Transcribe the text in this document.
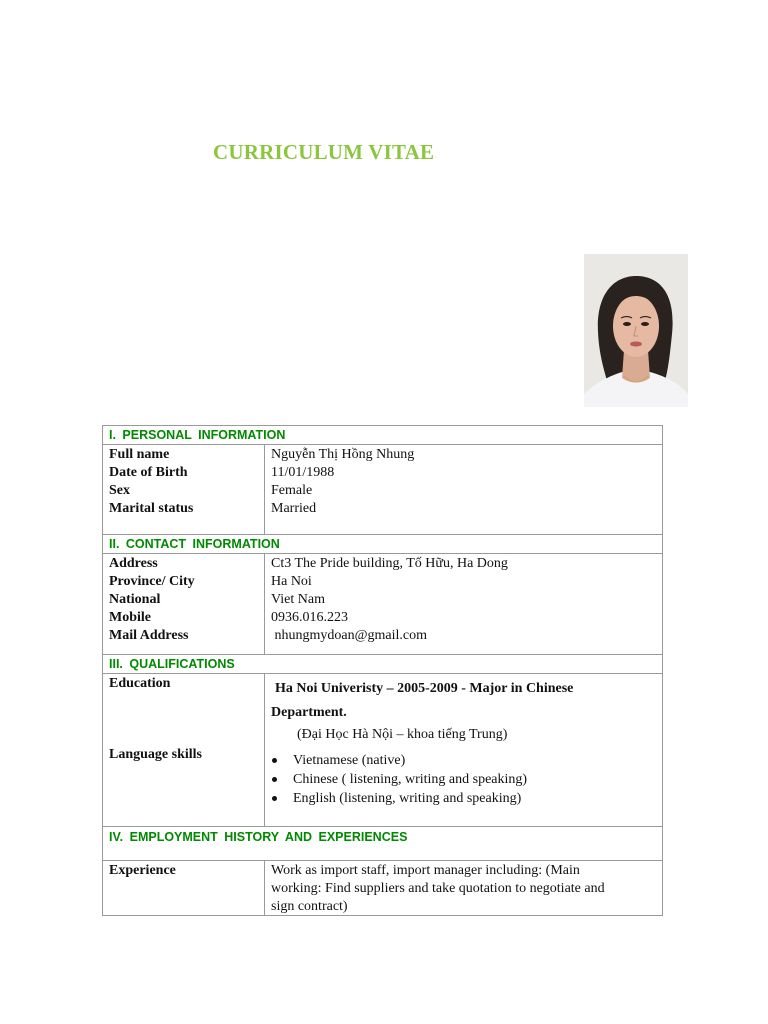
CURRICULUM VITAE
I. PERSONAL INFORMATION
Full name
Date of Birth
Sex
Marital status
Nguyễn Thị Hồng Nhung
11/01/1988
Female
Married
II. CONTACT INFORMATION
Address
Province/ City
National
Mobile
Mail Address
Ct3 The Pride building, Tố Hữu, Ha Dong
Ha Noi
Viet Nam
0936.016.223
nhungmydoan@gmail.com
III. QUALIFICATIONS
Education
Language skills
Ha Noi Univeristy – 2005-2009 - Major in Chinese
Department.
(Đại Học Hà Nội – khoa tiếng Trung)
Vietnamese (native)
Chinese ( listening, writing and speaking)
English (listening, writing and speaking)
IV. EMPLOYMENT HISTORY AND EXPERIENCES
Experience	Work as import staff, import manager including: (Main
working: Find suppliers and take quotation to negotiate and
sign contract)
